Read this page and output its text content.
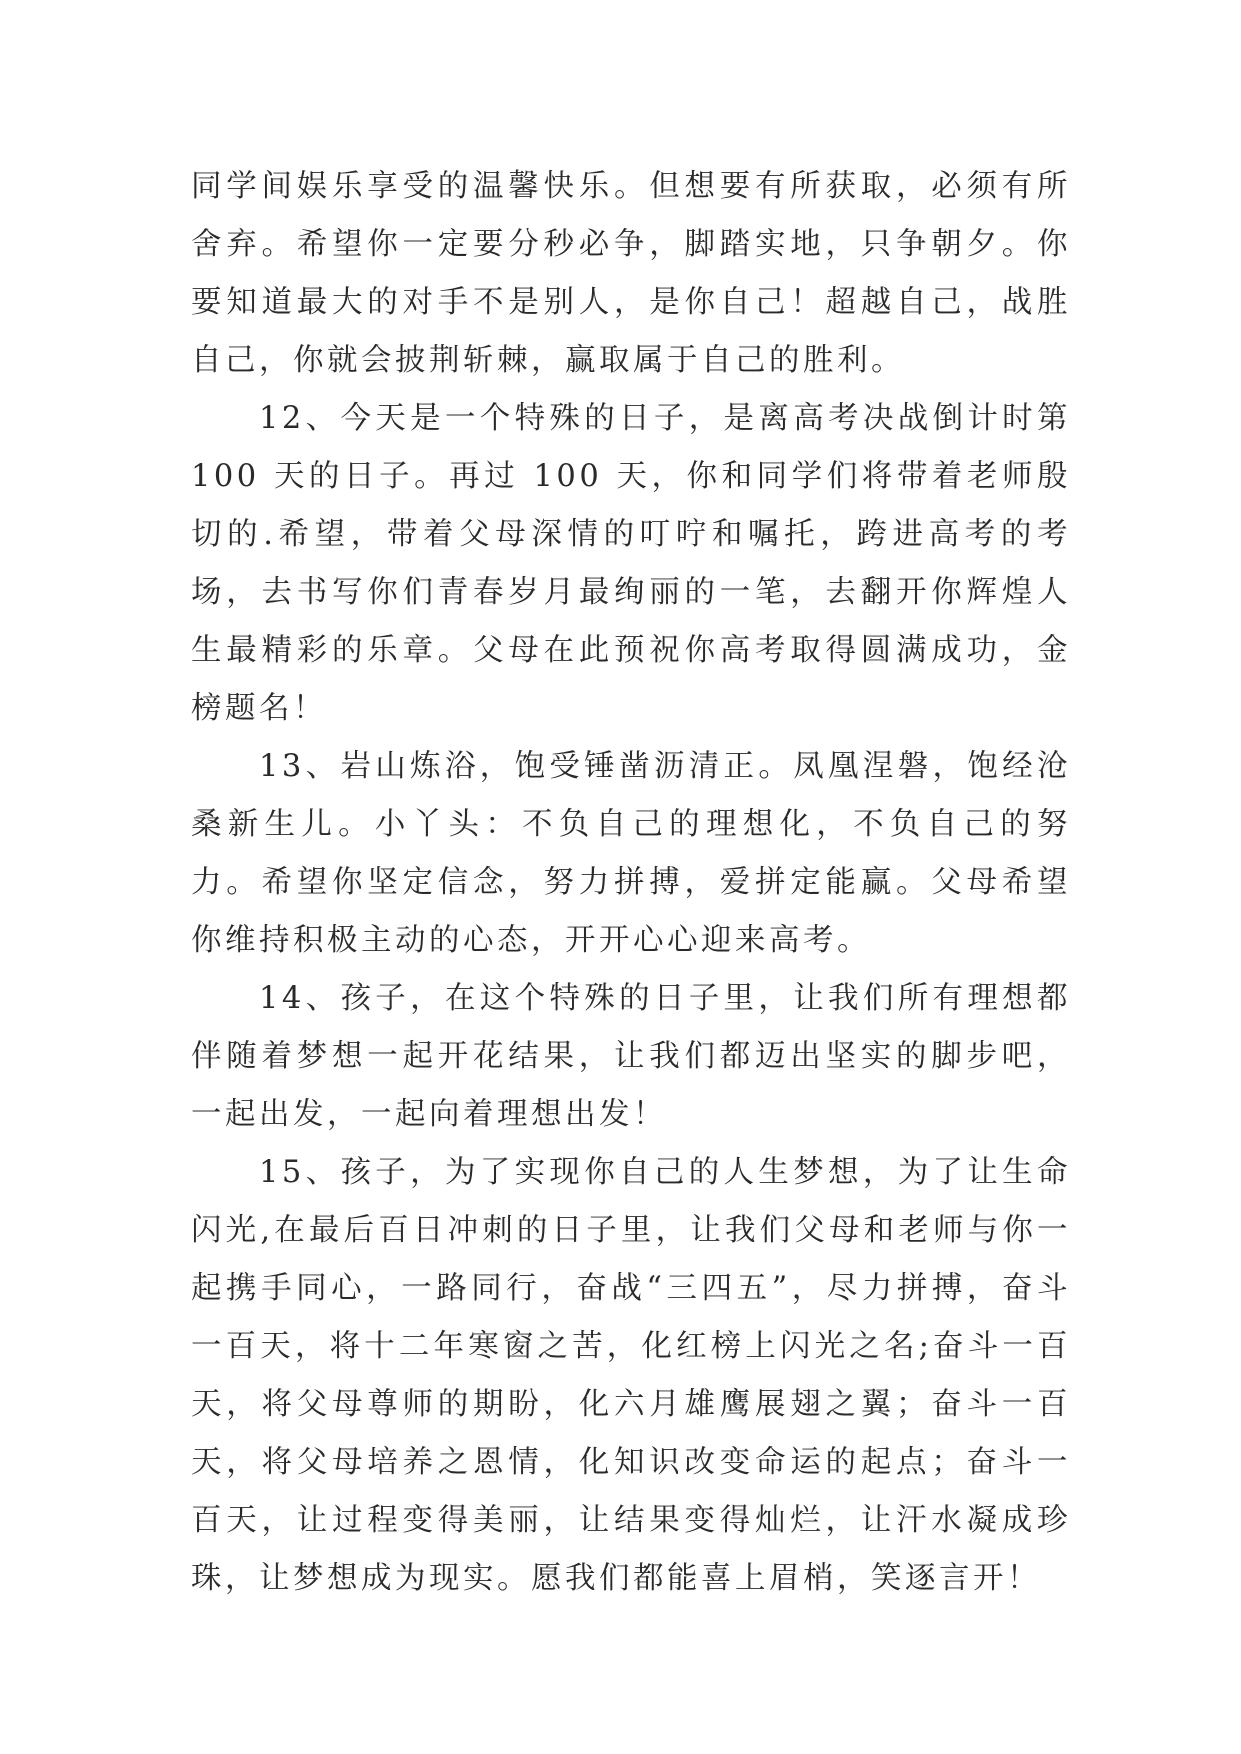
同学间娱乐享受的温馨快乐。但想要有所获取，必须有所舍弃。希望你一定要分秒必争，脚踏实地，只争朝夕。你要知道最大的对手不是别人，是你自己！超越自己，战胜自己，你就会披荆斩棘，赢取属于自己的胜利。

12、今天是一个特殊的日子，是离高考决战倒计时第 100 天的日子。再过 100 天，你和同学们将带着老师殷切的.希望，带着父母深情的叮咛和嘱托，跨进高考的考场，去书写你们青春岁月最绚丽的一笔，去翻开你辉煌人生最精彩的乐章。父母在此预祝你高考取得圆满成功，金榜题名！

13、岩山炼浴，饱受锤凿沥清正。凤凰涅磐，饱经沧桑新生儿。小丫头：不负自己的理想化，不负自己的努力。希望你坚定信念，努力拼搏，爱拼定能赢。父母希望你维持积极主动的心态，开开心心迎来高考。

14、孩子，在这个特殊的日子里，让我们所有理想都伴随着梦想一起开花结果，让我们都迈出坚实的脚步吧，一起出发，一起向着理想出发！

15、孩子，为了实现你自己的人生梦想，为了让生命闪光,在最后百日冲刺的日子里，让我们父母和老师与你一起携手同心，一路同行，奋战“三四五”，尽力拼搏，奋斗一百天，将十二年寒窗之苦，化红榜上闪光之名;奋斗一百天，将父母尊师的期盼，化六月雄鹰展翅之翼；奋斗一百天，将父母培养之恩情，化知识改变命运的起点；奋斗一百天，让过程变得美丽，让结果变得灿烂，让汗水凝成珍珠，让梦想成为现实。愿我们都能喜上眉梢，笑逐言开！
